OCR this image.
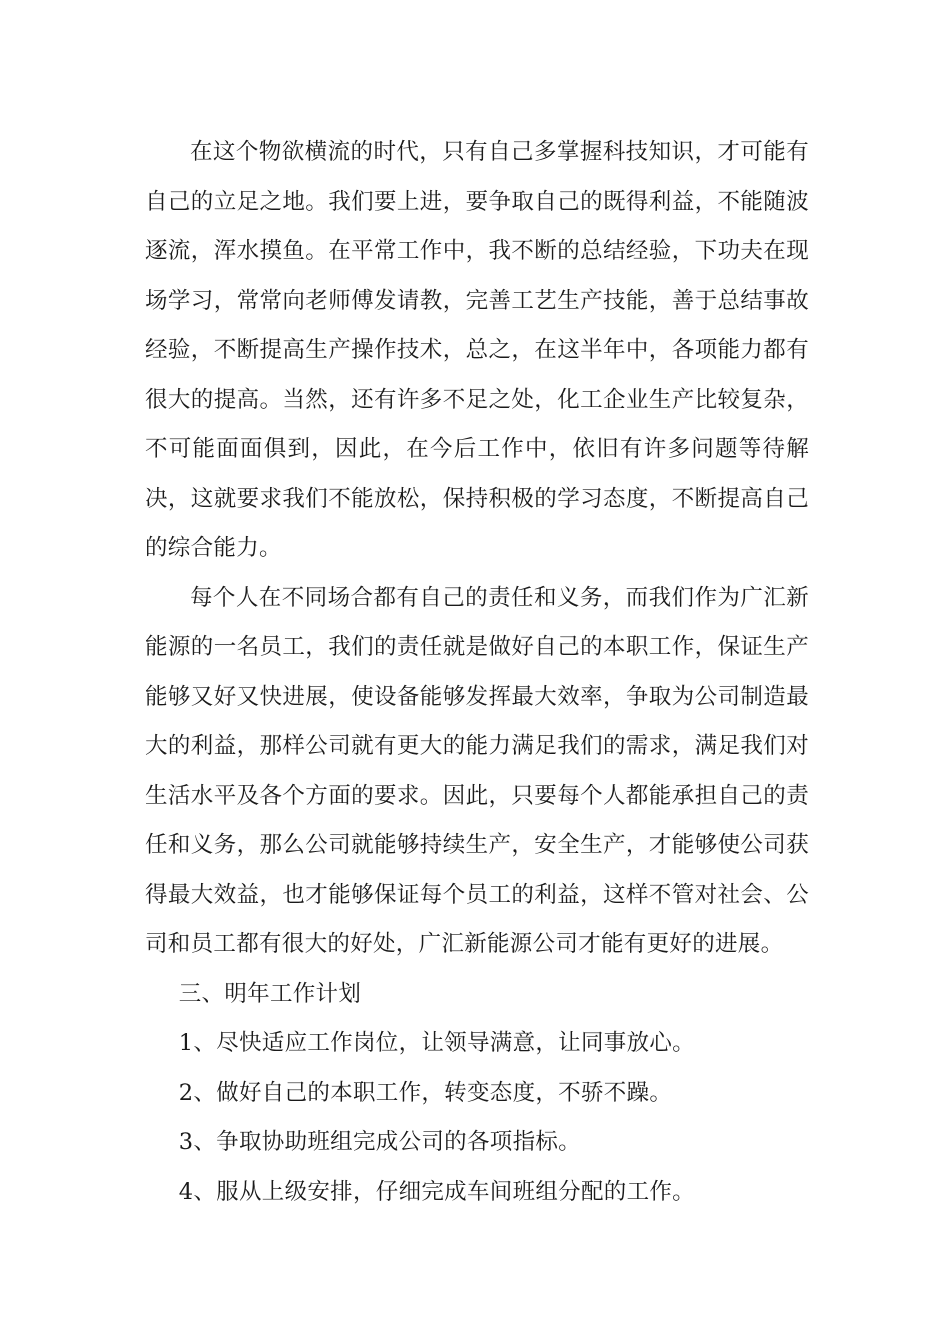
在这个物欲横流的时代，只有自己多掌握科技知识，才可能有自己的立足之地。我们要上进，要争取自己的既得利益，不能随波逐流，浑水摸鱼。在平常工作中，我不断的总结经验，下功夫在现场学习，常常向老师傅发请教，完善工艺生产技能，善于总结事故经验，不断提高生产操作技术，总之，在这半年中，各项能力都有很大的提高。当然，还有许多不足之处，化工企业生产比较复杂，不可能面面俱到，因此，在今后工作中，依旧有许多问题等待解决，这就要求我们不能放松，保持积极的学习态度，不断提高自己的综合能力。

每个人在不同场合都有自己的责任和义务，而我们作为广汇新能源的一名员工，我们的责任就是做好自己的本职工作，保证生产能够又好又快进展，使设备能够发挥最大效率，争取为公司制造最大的利益，那样公司就有更大的能力满足我们的需求，满足我们对生活水平及各个方面的要求。因此，只要每个人都能承担自己的责任和义务，那么公司就能够持续生产，安全生产，才能够使公司获得最大效益，也才能够保证每个员工的利益，这样不管对社会、公司和员工都有很大的好处，广汇新能源公司才能有更好的进展。

三、明年工作计划

1、尽快适应工作岗位，让领导满意，让同事放心。

2、做好自己的本职工作，转变态度，不骄不躁。

3、争取协助班组完成公司的各项指标。

4、服从上级安排，仔细完成车间班组分配的工作。
